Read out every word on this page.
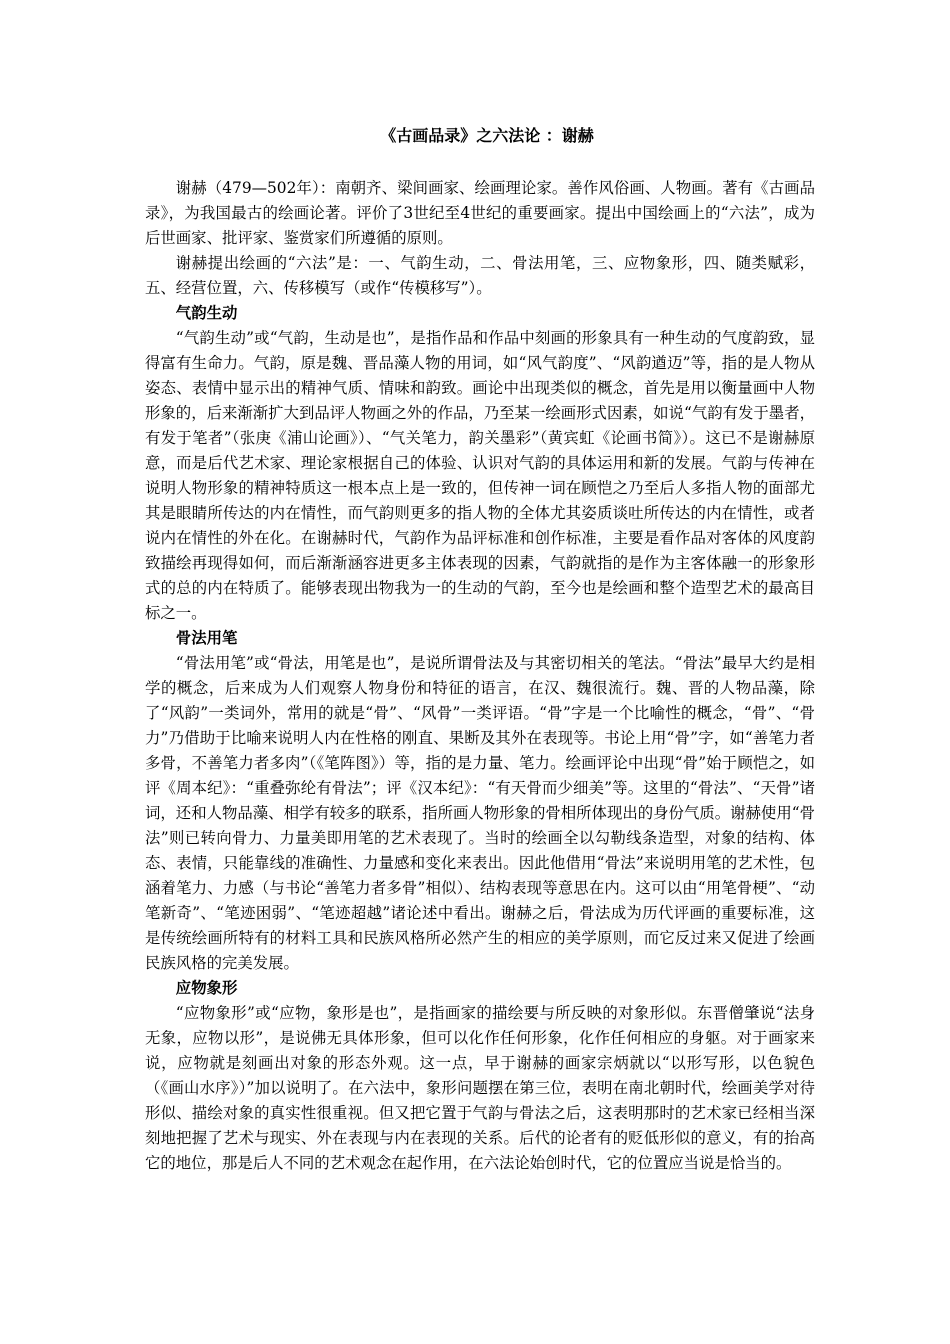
《古画品录》之六法论 ：谢赫

谢赫（479—502年）：南朝齐、梁间画家、绘画理论家。善作风俗画、人物画。著有《古画品录》，为我国最古的绘画论著。评价了3世纪至4世纪的重要画家。提出中国绘画上的“六法”，成为后世画家、批评家、鉴赏家们所遵循的原则。

谢赫提出绘画的“六法”是：一、气韵生动，二、骨法用笔，三、应物象形，四、随类赋彩，五、经营位置，六、传移模写（或作“传模移写”）。

气韵生动

“气韵生动”或“气韵，生动是也”，是指作品和作品中刻画的形象具有一种生动的气度韵致，显得富有生命力。气韵，原是魏、晋品藻人物的用词，如“风气韵度”、“风韵遒迈”等，指的是人物从姿态、表情中显示出的精神气质、情味和韵致。画论中出现类似的概念，首先是用以衡量画中人物形象的，后来渐渐扩大到品评人物画之外的作品，乃至某一绘画形式因素，如说“气韵有发于墨者，有发于笔者”（张庚《浦山论画》）、“气关笔力，韵关墨彩”（黄宾虹《论画书简》）。这已不是谢赫原意，而是后代艺术家、理论家根据自己的体验、认识对气韵的具体运用和新的发展。气韵与传神在说明人物形象的精神特质这一根本点上是一致的，但传神一词在顾恺之乃至后人多指人物的面部尤其是眼睛所传达的内在情性，而气韵则更多的指人物的全体尤其姿质谈吐所传达的内在情性，或者说内在情性的外在化。在谢赫时代，气韵作为品评标准和创作标准，主要是看作品对客体的风度韵致描绘再现得如何，而后渐渐涵容进更多主体表现的因素，气韵就指的是作为主客体融一的形象形式的总的内在特质了。能够表现出物我为一的生动的气韵，至今也是绘画和整个造型艺术的最高目标之一。

骨法用笔

“骨法用笔”或“骨法，用笔是也”，是说所谓骨法及与其密切相关的笔法。“骨法”最早大约是相学的概念，后来成为人们观察人物身份和特征的语言，在汉、魏很流行。魏、晋的人物品藻，除了“风韵”一类词外，常用的就是“骨”、“风骨”一类评语。“骨”字是一个比喻性的概念，“骨”、“骨力”乃借助于比喻来说明人内在性格的刚直、果断及其外在表现等。书论上用“骨”字，如“善笔力者多骨，不善笔力者多肉”（《笔阵图》）等，指的是力量、笔力。绘画评论中出现“骨”始于顾恺之，如评《周本纪》：“重叠弥纶有骨法”；评《汉本纪》：“有天骨而少细美”等。这里的“骨法”、“天骨”诸词，还和人物品藻、相学有较多的联系，指所画人物形象的骨相所体现出的身份气质。谢赫使用“骨法”则已转向骨力、力量美即用笔的艺术表现了。当时的绘画全以勾勒线条造型，对象的结构、体态、表情，只能靠线的准确性、力量感和变化来表出。因此他借用“骨法”来说明用笔的艺术性，包涵着笔力、力感（与书论“善笔力者多骨”相似）、结构表现等意思在内。这可以由“用笔骨梗”、“动笔新奇”、“笔迹困弱”、“笔迹超越”诸论述中看出。谢赫之后，骨法成为历代评画的重要标准，这是传统绘画所特有的材料工具和民族风格所必然产生的相应的美学原则，而它反过来又促进了绘画民族风格的完美发展。

应物象形

“应物象形”或“应物，象形是也”，是指画家的描绘要与所反映的对象形似。东晋僧肇说“法身无象，应物以形”，是说佛无具体形象，但可以化作任何形象，化作任何相应的身躯。对于画家来说，应物就是刻画出对象的形态外观。这一点，早于谢赫的画家宗炳就以“以形写形，以色貌色（《画山水序》）”加以说明了。在六法中，象形问题摆在第三位，表明在南北朝时代，绘画美学对待形似、描绘对象的真实性很重视。但又把它置于气韵与骨法之后，这表明那时的艺术家已经相当深刻地把握了艺术与现实、外在表现与内在表现的关系。后代的论者有的贬低形似的意义，有的抬高它的地位，那是后人不同的艺术观念在起作用，在六法论始创时代，它的位置应当说是恰当的。
